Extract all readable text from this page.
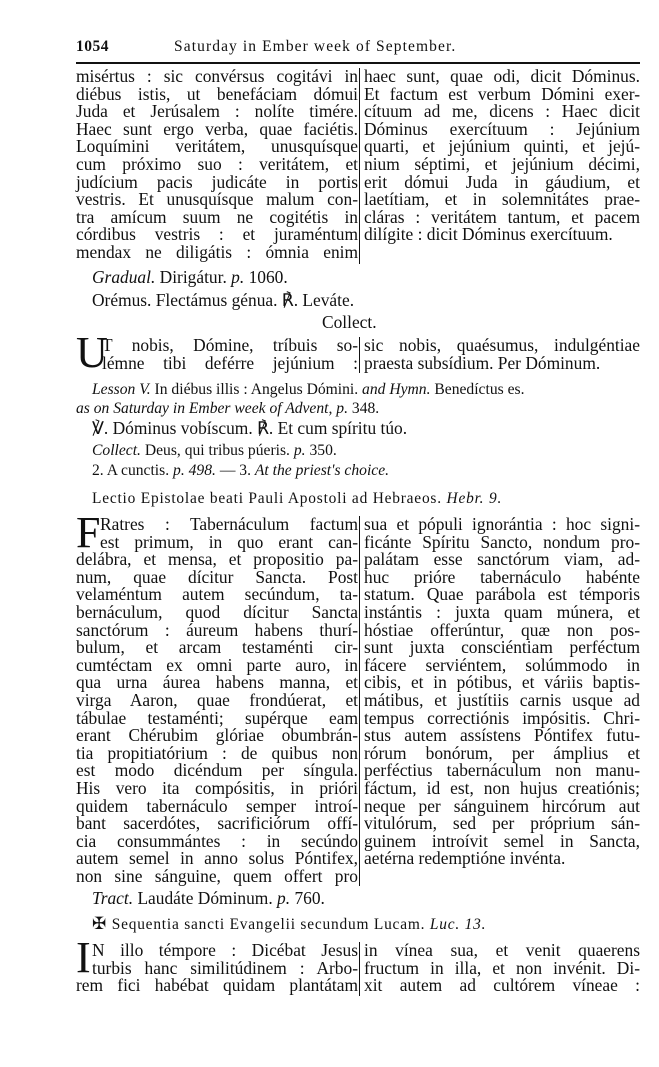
1054	Saturday in Ember week of September.
misértus : sic convérsus cogitávi in
diébus istis, ut benefáciam dómui
Juda et Jerúsalem : nolíte timére.
Haec sunt ergo verba, quae faciétis.
Loquímini veritátem, unusquísque
cum próximo suo : veritátem, et
judícium pacis judicáte in portis
vestris. Et unusquísque malum con-
tra amícum suum ne cogitétis in
córdibus vestris : et juraméntum
mendax ne diligátis : ómnia enim
haec sunt, quae odi, dicit Dóminus.
Et factum est verbum Dómini exer-
cítuum ad me, dicens : Haec dicit
Dóminus exercítuum : Jejúnium
quarti, et jejúnium quinti, et jejú-
nium séptimi, et jejúnium décimi,
erit dómui Juda in gáudium, et
laetítiam, et in solemnitátes prae-
cláras : veritátem tantum, et pacem
dilígite : dicit Dóminus exercítuum.
Gradual. Dirigátur. p. 1060.
Orémus. Flectámus génua. ℟. Leváte.
Collect.
U
T nobis, Dómine, tríbuis so-
lémne tibi deférre jejúnium :
sic nobis, quaésumus, indulgéntiae
praesta subsídium. Per Dóminum.
Lesson V. In diébus illis : Angelus Dómini. and Hymn. Benedíctus es.
as on Saturday in Ember week of Advent, p. 348.
℣. Dóminus vobíscum. ℟. Et cum spíritu túo.
Collect. Deus, qui tribus púeris. p. 350.
2. A cunctis. p. 498. — 3. At the priest's choice.
Lectio Epistolae beati Pauli Apostoli ad Hebraeos. Hebr. 9.
F Ratres : Tabernáculum factum
est primum, in quo erant can-
delábra, et mensa, et propositio pa-
num, quae dícitur Sancta. Post
velaméntum autem secúndum, ta-
bernáculum, quod dícitur Sancta
sanctórum : áureum habens thurí-
bulum, et arcam testaménti cir-
cumtéctam ex omni parte auro, in
qua urna áurea habens manna, et
virga Aaron, quae frondúerat, et
tábulae testaménti; supérque eam
erant Chérubim glóriae obumbrán-
tia propitiatórium : de quibus non
est modo dicéndum per síngula.
His vero ita compósitis, in prióri
quidem tabernáculo semper introí-
bant sacerdótes, sacrificiórum offí-
cia consummántes : in secúndo
autem semel in anno solus Póntifex,
non sine sánguine, quem offert pro
sua et pópuli ignorántia : hoc signi-
ficánte Spíritu Sancto, nondum pro-
palátam esse sanctórum viam, ad-
huc prióre tabernáculo habénte
statum. Quae parábola est témporis
instántis : juxta quam múnera, et
hóstiae offerúntur, quæ non pos-
sunt juxta consciéntiam perféctum
fácere serviéntem, solúmmodo in
cibis, et in pótibus, et váriis baptis-
mátibus, et justítiis carnis usque ad
tempus correctiónis impósitis. Chri-
stus autem assístens Póntifex futu-
rórum bonórum, per ámplius et
perféctius tabernáculum non manu-
fáctum, id est, non hujus creatiónis;
neque per sánguinem hircórum aut
vitulórum, sed per próprium sán-
guinem introívit semel in Sancta,
aetérna redemptióne invénta.
Tract. Laudáte Dóminum. p. 760.
✠ Sequentia sancti Evangelii secundum Lucam. Luc. 13.
I N illo témpore : Dicébat Jesus
turbis hanc similitúdinem : Arbo-
rem fici habébat quidam plantátam
in vínea sua, et venit quaerens
fructum in illa, et non invénit. Di-
xit autem ad cultórem víneae :
